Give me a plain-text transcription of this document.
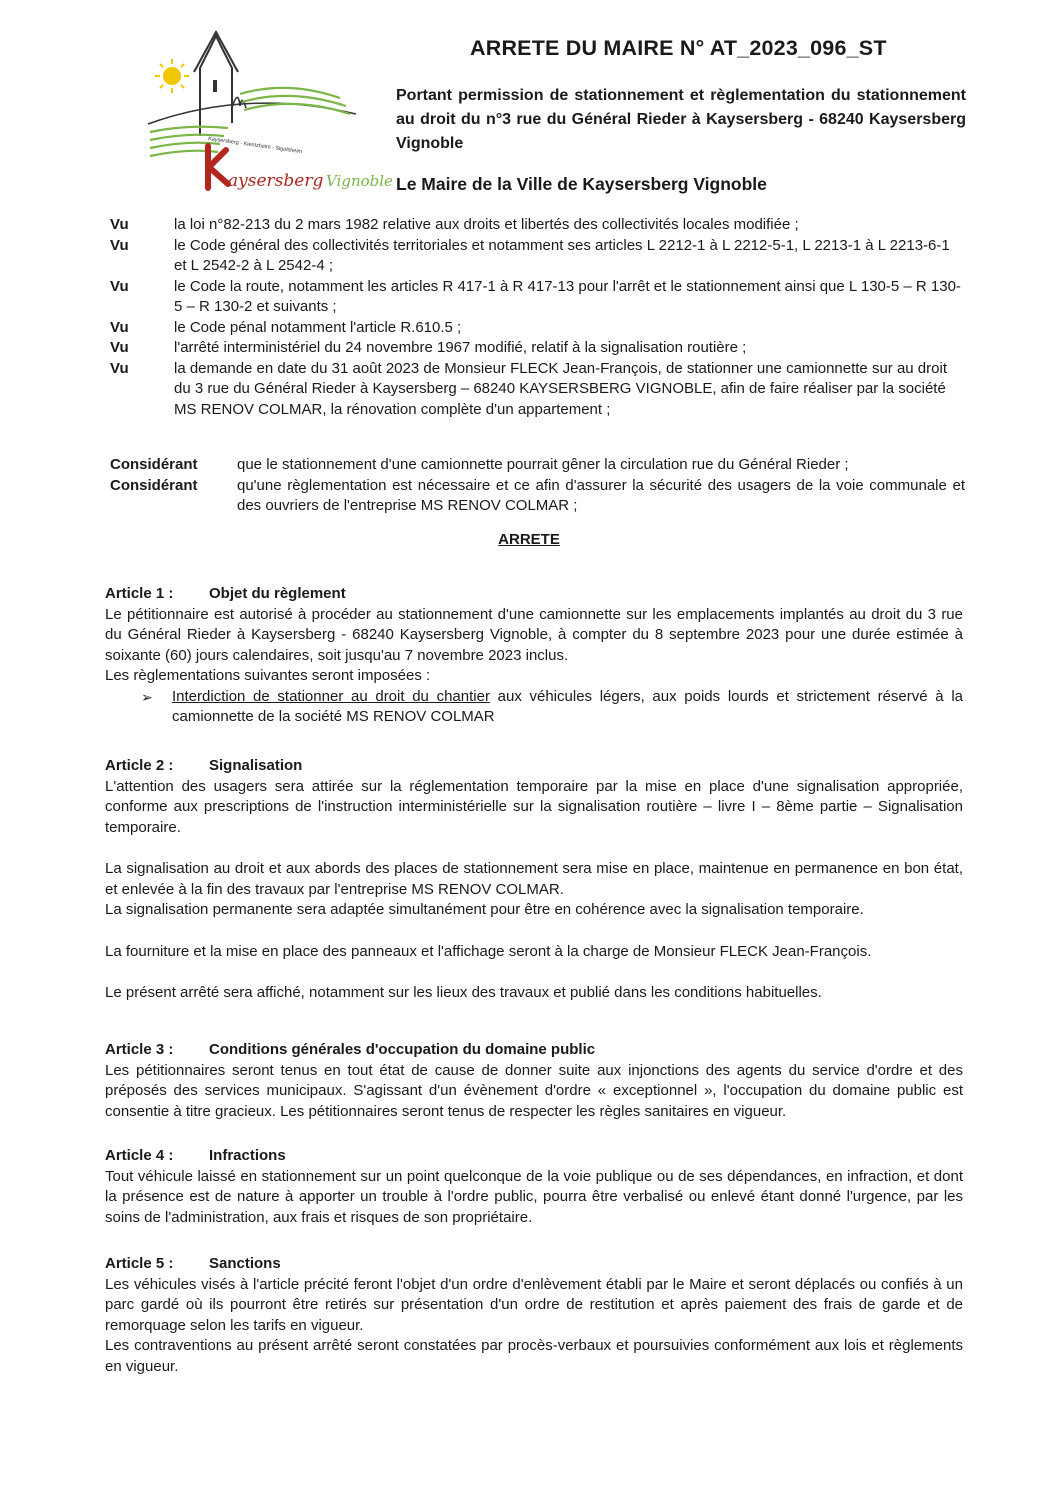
Kaysersberg - Kientzheim - Sigolsheim
aysersberg Vignoble
ARRETE DU MAIRE N° AT_2023_096_ST
Portant permission de stationnement et règlementation du stationnement au droit du n°3 rue du Général Rieder à Kaysersberg - 68240 Kaysersberg Vignoble
Le Maire de la Ville de Kaysersberg Vignoble
Vu	la loi n°82-213 du 2 mars 1982 relative aux droits et libertés des collectivités locales modifiée ;
Vu	le Code général des collectivités territoriales et notamment ses articles L 2212-1 à L 2212-5-1, L 2213-1 à L 2213-6-1 et L 2542-2 à L 2542-4 ;
Vu	le Code la route, notamment les articles R 417-1 à R 417-13 pour l'arrêt et le stationnement ainsi que L 130-5 – R 130-5 – R 130-2 et suivants ;
Vu	le Code pénal notamment l'article R.610.5 ;
Vu	l'arrêté interministériel du 24 novembre 1967 modifié, relatif à la signalisation routière ;
Vu	la demande en date du 31 août 2023 de Monsieur FLECK Jean-François, de stationner une camionnette sur au droit du 3 rue du Général Rieder à Kaysersberg – 68240 KAYSERSBERG VIGNOBLE, afin de faire réaliser par la société MS RENOV COLMAR, la rénovation complète d'un appartement ;
Considérant	que le stationnement d'une camionnette pourrait gêner la circulation rue du Général Rieder ;
Considérant	qu'une règlementation est nécessaire et ce afin d'assurer la sécurité des usagers de la voie communale et des ouvriers de l'entreprise MS RENOV COLMAR ;
ARRETE
Article 1 :	Objet du règlement

Le pétitionnaire est autorisé à procéder au stationnement d'une camionnette sur les emplacements implantés au droit du 3 rue du Général Rieder à Kaysersberg - 68240 Kaysersberg Vignoble, à compter du 8 septembre 2023 pour une durée estimée à soixante (60) jours calendaires, soit jusqu'au 7 novembre 2023 inclus.

Les règlementations suivantes seront imposées :

➢	Interdiction de stationner au droit du chantier aux véhicules légers, aux poids lourds et strictement réservé à la camionnette de la société MS RENOV COLMAR
Article 2 :	Signalisation

L'attention des usagers sera attirée sur la réglementation temporaire par la mise en place d'une signalisation appropriée, conforme aux prescriptions de l'instruction interministérielle sur la signalisation routière – livre I – 8ème partie – Signalisation temporaire.

La signalisation au droit et aux abords des places de stationnement sera mise en place, maintenue en permanence en bon état, et enlevée à la fin des travaux par l'entreprise MS RENOV COLMAR.

La signalisation permanente sera adaptée simultanément pour être en cohérence avec la signalisation temporaire.

La fourniture et la mise en place des panneaux et l'affichage seront à la charge de Monsieur FLECK Jean-François.

Le présent arrêté sera affiché, notamment sur les lieux des travaux et publié dans les conditions habituelles.

Article 3 :	Conditions générales d'occupation du domaine public

Les pétitionnaires seront tenus en tout état de cause de donner suite aux injonctions des agents du service d'ordre et des préposés des services municipaux. S'agissant d'un évènement d'ordre « exceptionnel », l'occupation du domaine public est consentie à titre gracieux. Les pétitionnaires seront tenus de respecter les règles sanitaires en vigueur.

Article 4 :	Infractions

Tout véhicule laissé en stationnement sur un point quelconque de la voie publique ou de ses dépendances, en infraction, et dont la présence est de nature à apporter un trouble à l'ordre public, pourra être verbalisé ou enlevé étant donné l'urgence, par les soins de l'administration, aux frais et risques de son propriétaire.

Article 5 :	Sanctions

Les véhicules visés à l'article précité feront l'objet d'un ordre d'enlèvement établi par le Maire et seront déplacés ou confiés à un parc gardé où ils pourront être retirés sur présentation d'un ordre de restitution et après paiement des frais de garde et de remorquage selon les tarifs en vigueur.

Les contraventions au présent arrêté seront constatées par procès-verbaux et poursuivies conformément aux lois et règlements en vigueur.
